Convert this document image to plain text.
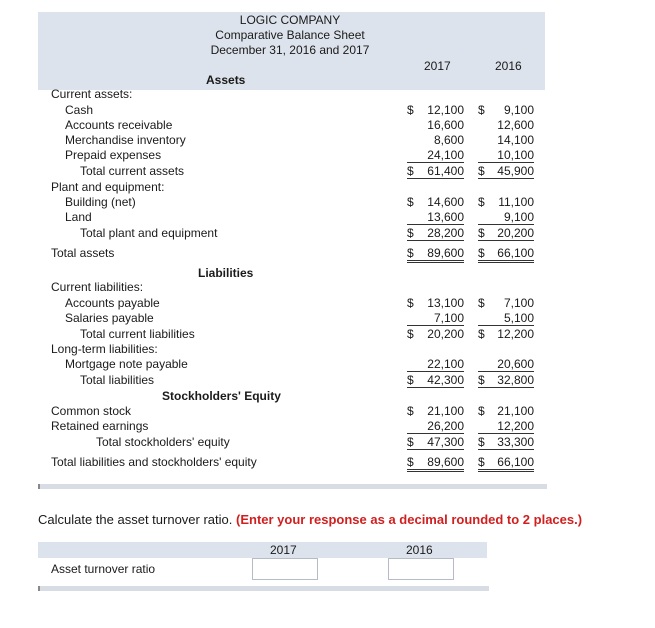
LOGIC COMPANY
Comparative Balance Sheet
December 31, 2016 and 2017
2017	2016
Assets
Current assets:
Cash	$ 12,100 $ 9,100
Accounts receivable	16,600	12,600
Merchandise inventory	8,600	14,100
Prepaid expenses	24,100	10,100
Total current assets	$ 61,400 $ 45,900
Plant and equipment:
Building (net)	$ 14,600 $ 11,100
Land	13,600	9,100
Total plant and equipment	$ 28,200 $ 20,200
Total assets	$ 89,600 $ 66,100
Liabilities
Current liabilities:
Accounts payable	$ 13,100 $ 7,100
Salaries payable	7,100	5,100
Total current liabilities	$ 20,200 $ 12,200
Long-term liabilities:
Mortgage note payable	22,100	20,600
Total liabilities	$ 42,300 $ 32,800
Stockholders' Equity
Common stock	$ 21,100 $ 21,100
Retained earnings	26,200	12,200
Total stockholders' equity	$ 47,300 $ 33,300
Total liabilities and stockholders' equity	$ 89,600 $ 66,100
Calculate the asset turnover ratio. (Enter your response as a decimal rounded to 2 places.)
2017	2016
Asset turnover ratio
